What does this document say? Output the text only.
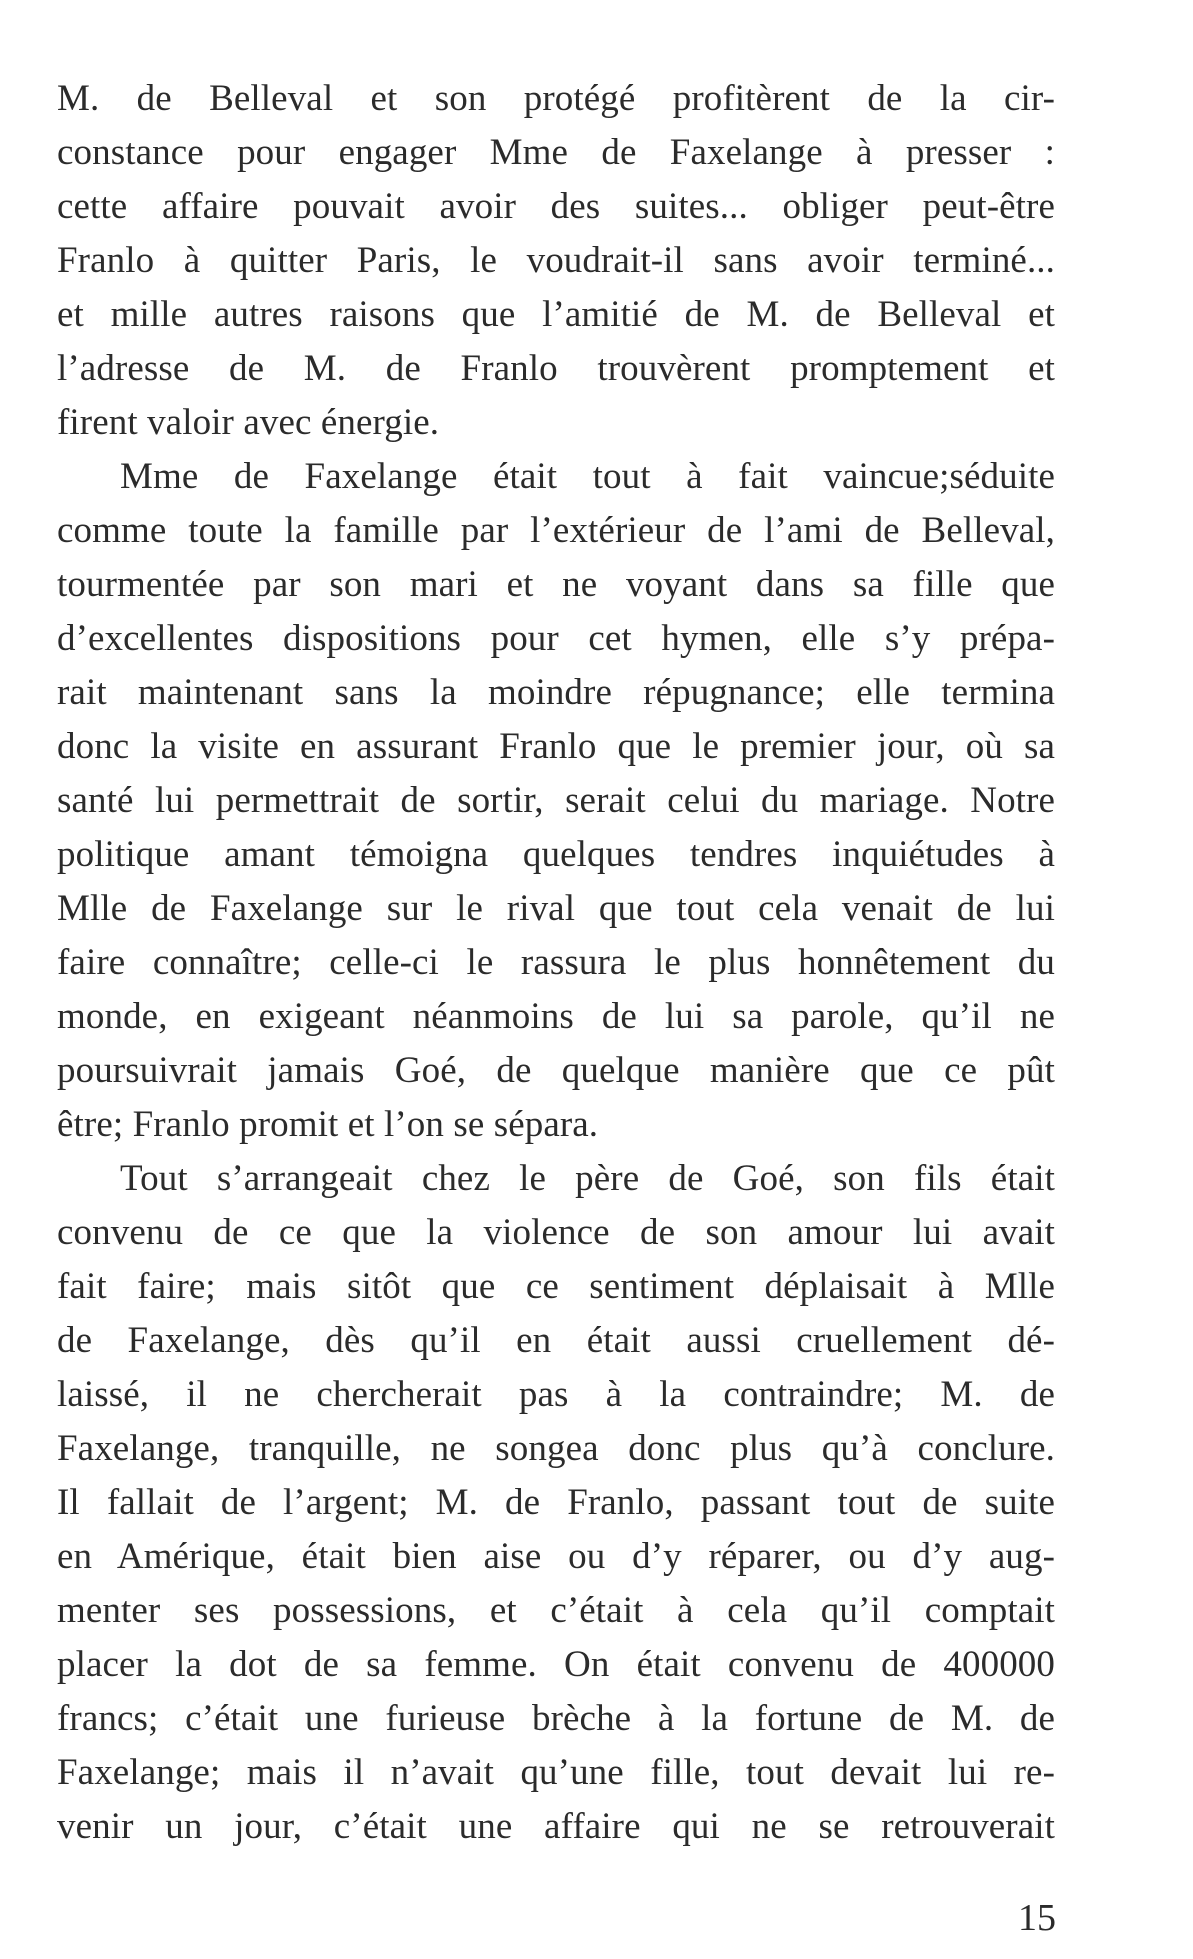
M. de Belleval et son protégé profitèrent de la cir-
constance pour engager Mme de Faxelange à presser :
cette affaire pouvait avoir des suites... obliger peut-être
Franlo à quitter Paris, le voudrait-il sans avoir terminé...
et mille autres raisons que l’amitié de M. de Belleval et
l’adresse de M. de Franlo trouvèrent promptement et
firent valoir avec énergie.
Mme de Faxelange était tout à fait vaincue;séduite
comme toute la famille par l’extérieur de l’ami de Belleval,
tourmentée par son mari et ne voyant dans sa fille que
d’excellentes dispositions pour cet hymen, elle s’y prépa-
rait maintenant sans la moindre répugnance; elle termina
donc la visite en assurant Franlo que le premier jour, où sa
santé lui permettrait de sortir, serait celui du mariage. Notre
politique amant témoigna quelques tendres inquiétudes à
Mlle de Faxelange sur le rival que tout cela venait de lui
faire connaître; celle-ci le rassura le plus honnêtement du
monde, en exigeant néanmoins de lui sa parole, qu’il ne
poursuivrait jamais Goé, de quelque manière que ce pût
être; Franlo promit et l’on se sépara.
Tout s’arrangeait chez le père de Goé, son fils était
convenu de ce que la violence de son amour lui avait
fait faire; mais sitôt que ce sentiment déplaisait à Mlle
de Faxelange, dès qu’il en était aussi cruellement dé-
laissé, il ne chercherait pas à la contraindre; M. de
Faxelange, tranquille, ne songea donc plus qu’à conclure.
Il fallait de l’argent; M. de Franlo, passant tout de suite
en Amérique, était bien aise ou d’y réparer, ou d’y aug-
menter ses possessions, et c’était à cela qu’il comptait
placer la dot de sa femme. On était convenu de 400000
francs; c’était une furieuse brèche à la fortune de M. de
Faxelange; mais il n’avait qu’une fille, tout devait lui re-
venir un jour, c’était une affaire qui ne se retrouverait
15
